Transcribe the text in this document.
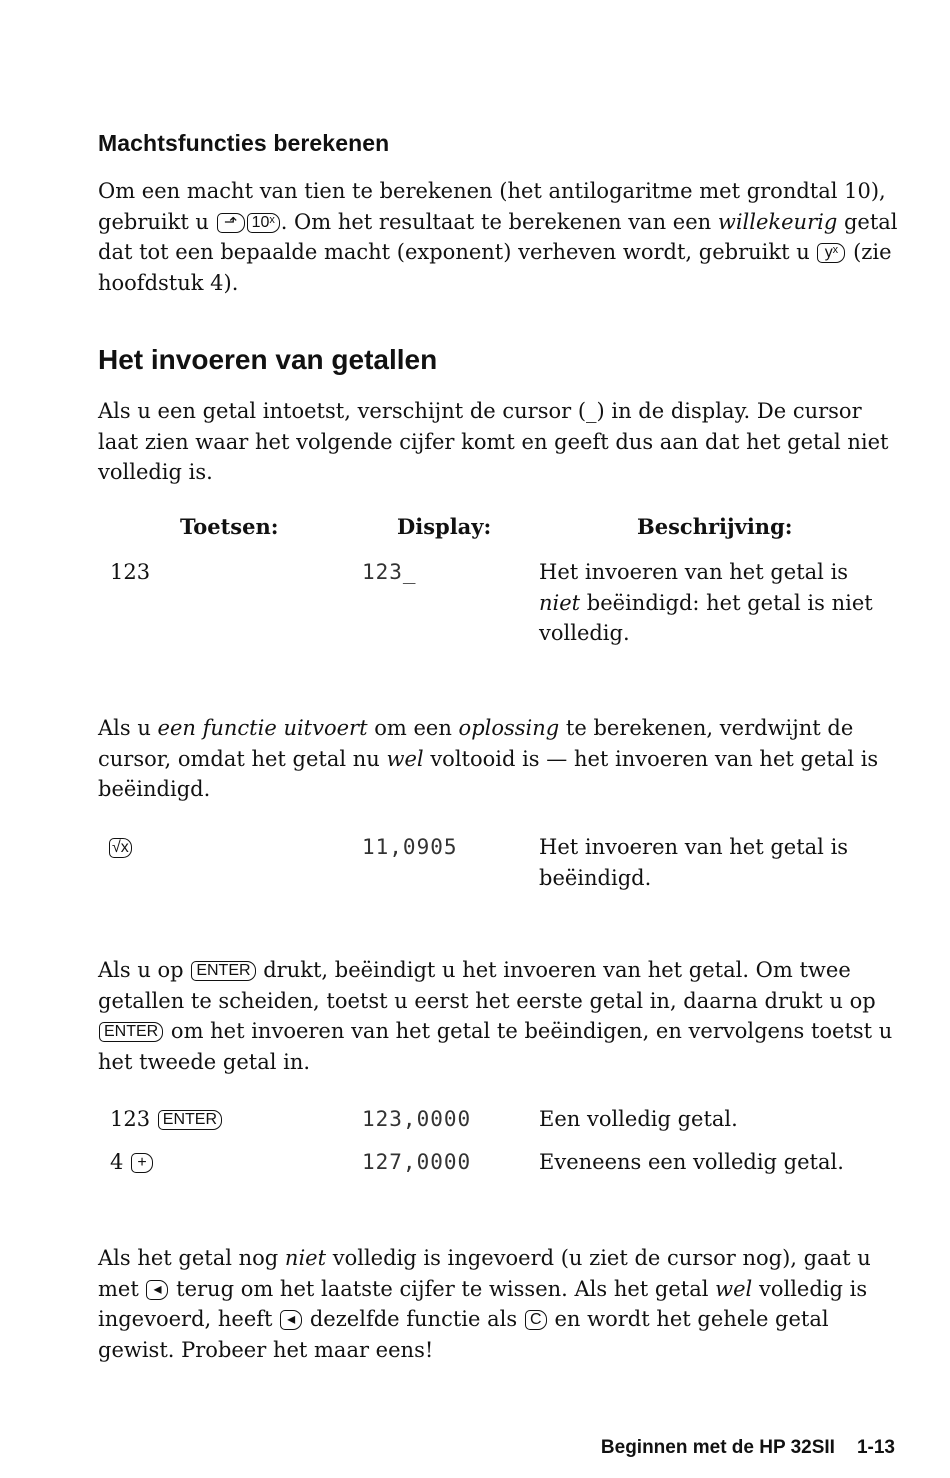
Machtsfuncties berekenen

Om een macht van tien te berekenen (het antilogaritme met grondtal 10), gebruikt u ⬏ 10ˣ . Om het resultaat te berekenen van een willekeurig getal dat tot een bepaalde macht (exponent) verheven wordt, gebruikt u yˣ (zie hoofdstuk 4).

Het invoeren van getallen

Als u een getal intoetst, verschijnt de cursor (_) in de display. De cursor laat zien waar het volgende cijfer komt en geeft dus aan dat het getal niet volledig is.

Toetsen:	Display:	Beschrijving:

123	123_	Het invoeren van het getal is niet beëindigd: het getal is niet volledig.

Als u een functie uitvoert om een oplossing te berekenen, verdwijnt de cursor, omdat het getal nu wel voltooid is — het invoeren van het getal is beëindigd.

√x	11,0905	Het invoeren van het getal is beëindigd.

Als u op ENTER drukt, beëindigt u het invoeren van het getal. Om twee getallen te scheiden, toetst u eerst het eerste getal in, daarna drukt u op ENTER om het invoeren van het getal te beëindigen, en vervolgens toetst u het tweede getal in.

123 ENTER	123,0000	Een volledig getal.

4 +	127,0000	Eveneens een volledig getal.

Als het getal nog niet volledig is ingevoerd (u ziet de cursor nog), gaat u met ◂ terug om het laatste cijfer te wissen. Als het getal wel volledig is ingevoerd, heeft ◂ dezelfde functie als C en wordt het gehele getal gewist. Probeer het maar eens!

Beginnen met de HP 32SII 1-13
